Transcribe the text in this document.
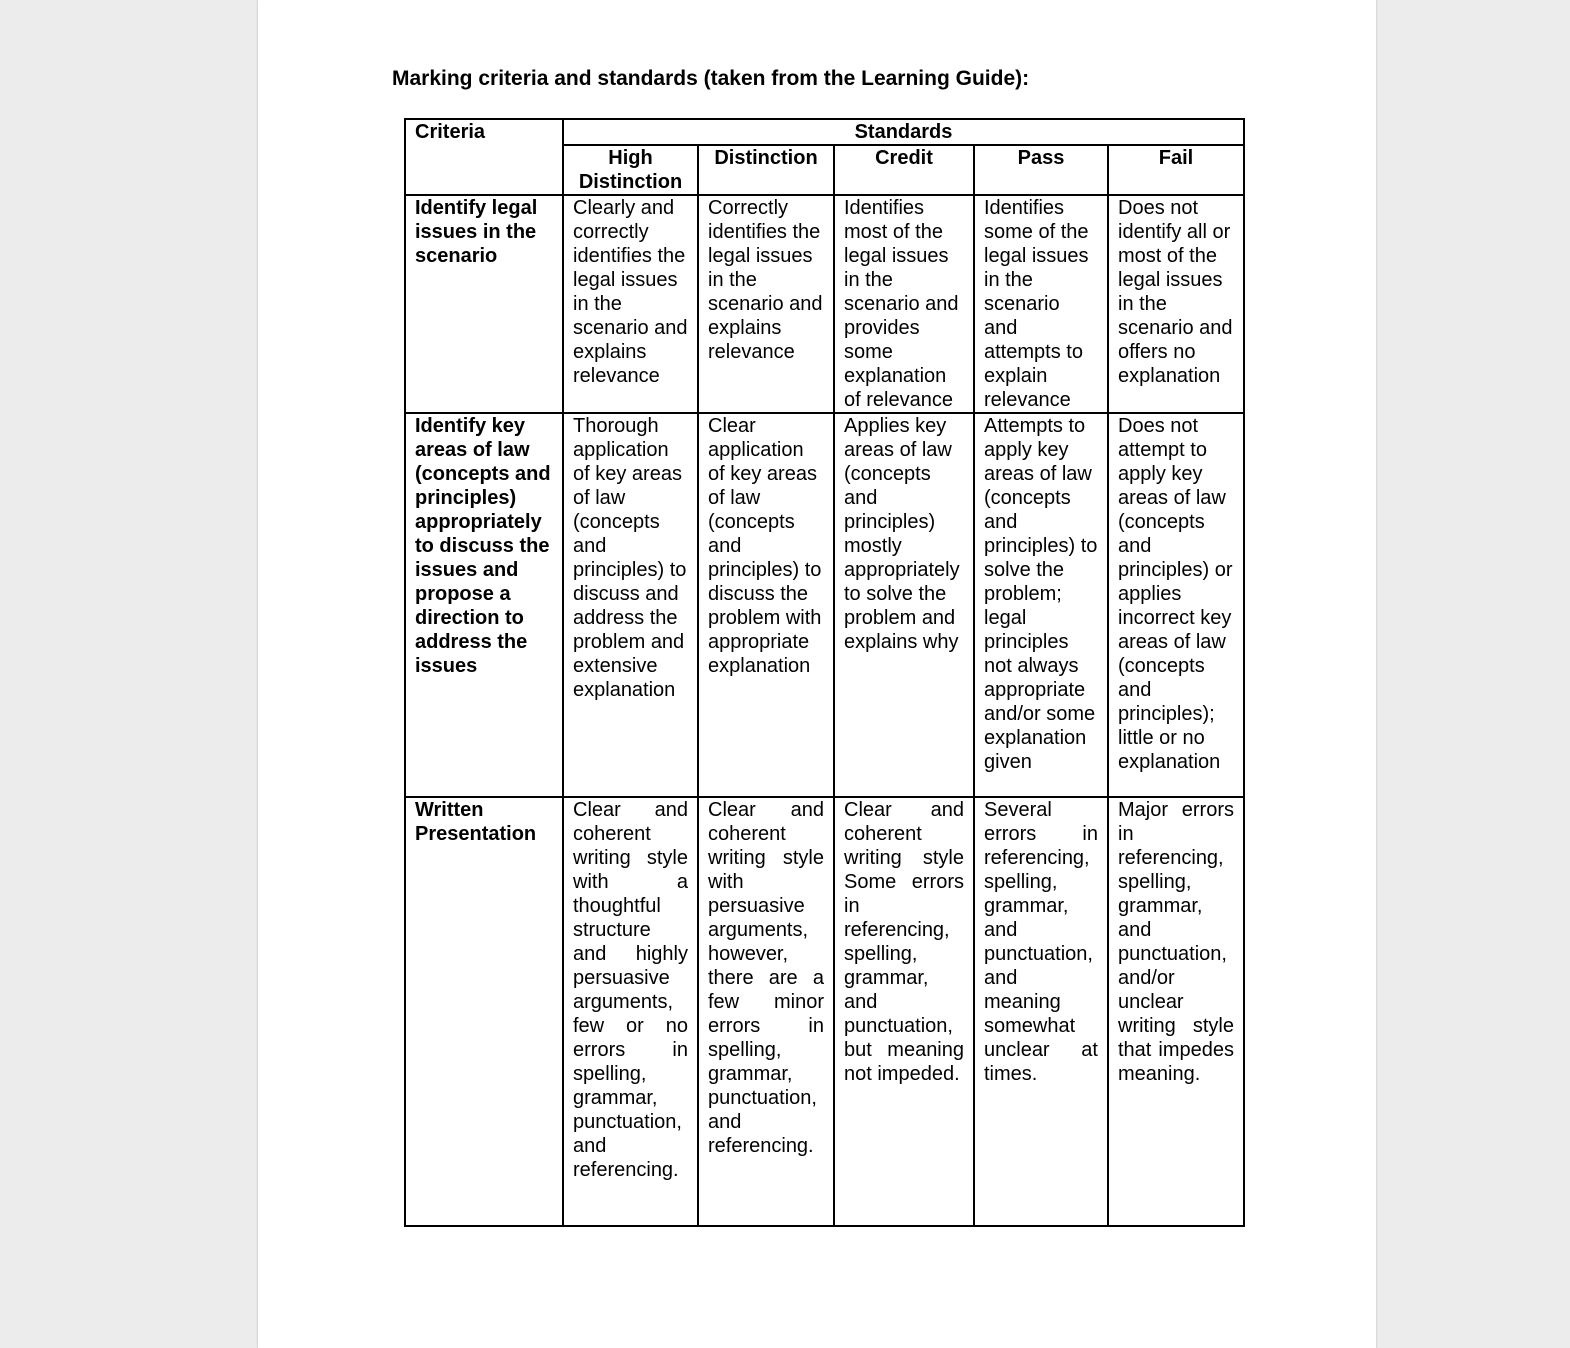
Marking criteria and standards (taken from the Learning Guide):
Criteria	Standards				
	High Distinction	Distinction	Credit	Pass	Fail
Identify legal issues in the scenario	Clearly and correctly identifies the legal issues in the scenario and explains relevance	Correctly identifies the legal issues in the scenario and explains relevance	Identifies most of the legal issues in the scenario and provides some explanation of relevance	Identifies some of the legal issues in the scenario and attempts to explain relevance	Does not identify all or most of the legal issues in the scenario and offers no explanation
Identify key areas of law (concepts and principles) appropriately to discuss the issues and propose a direction to address the issues	Thorough application of key areas of law (concepts and principles) to discuss and address the problem and extensive explanation	Clear application of key areas of law (concepts and principles) to discuss the problem with appropriate explanation	Applies key areas of law (concepts and principles) mostly appropriately to solve the problem and explains why	Attempts to apply key areas of law (concepts and principles) to solve the problem; legal principles not always appropriate and/or some explanation given	Does not attempt to apply key areas of law (concepts and principles) or applies incorrect key areas of law (concepts and principles); little or no explanation
Written Presentation	Clear and coherent writing style with a thoughtful structure and highly persuasive arguments, few or no errors in spelling, grammar, punctuation, and referencing.	Clear and coherent writing style with persuasive arguments, however, there are a few minor errors in spelling, grammar, punctuation, and referencing.	Clear and coherent writing style Some errors in referencing, spelling, grammar, and punctuation, but meaning not impeded.	Several errors in referencing, spelling, grammar, and punctuation, and meaning somewhat unclear at times.	Major errors in referencing, spelling, grammar, and punctuation, and/or unclear writing style that impedes meaning.
